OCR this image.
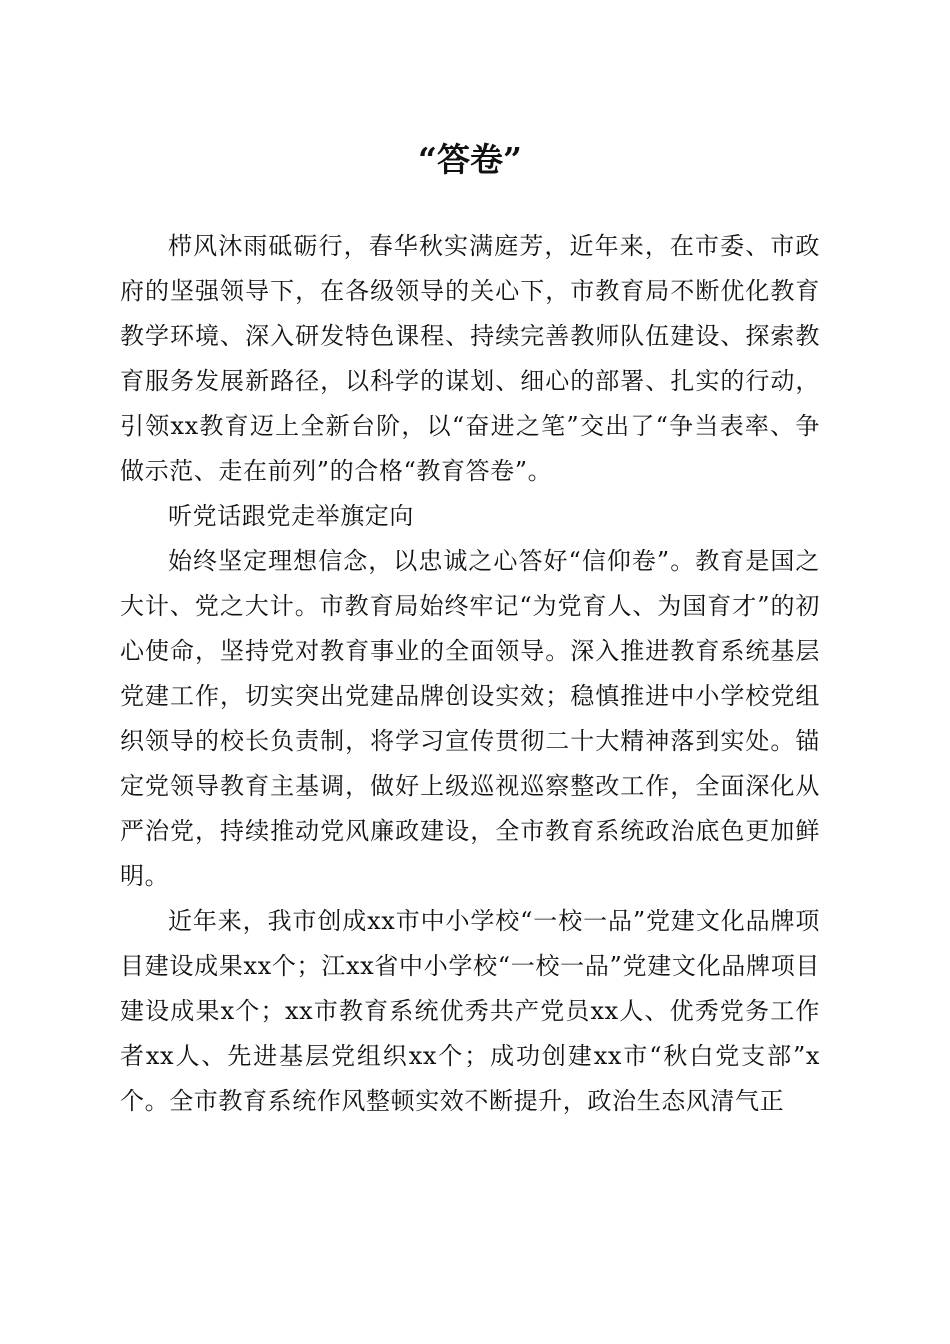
“答卷”

栉风沐雨砥砺行，春华秋实满庭芳，近年来，在市委、市政府的坚强领导下，在各级领导的关心下，市教育局不断优化教育教学环境、深入研发特色课程、持续完善教师队伍建设、探索教育服务发展新路径，以科学的谋划、细心的部署、扎实的行动，引领xx教育迈上全新台阶，以“奋进之笔”交出了“争当表率、争做示范、走在前列”的合格“教育答卷”。

听党话跟党走举旗定向

始终坚定理想信念，以忠诚之心答好“信仰卷”。教育是国之大计、党之大计。市教育局始终牢记“为党育人、为国育才”的初心使命，坚持党对教育事业的全面领导。深入推进教育系统基层党建工作，切实突出党建品牌创设实效；稳慎推进中小学校党组织领导的校长负责制，将学习宣传贯彻二十大精神落到实处。锚定党领导教育主基调，做好上级巡视巡察整改工作，全面深化从严治党，持续推动党风廉政建设，全市教育系统政治底色更加鲜明。

近年来，我市创成xx市中小学校“一校一品”党建文化品牌项目建设成果xx个；江xx省中小学校“一校一品”党建文化品牌项目建设成果x个；xx市教育系统优秀共产党员xx人、优秀党务工作者xx人、先进基层党组织xx个；成功创建xx市“秋白党支部”x个。全市教育系统作风整顿实效不断提升，政治生态风清气正
